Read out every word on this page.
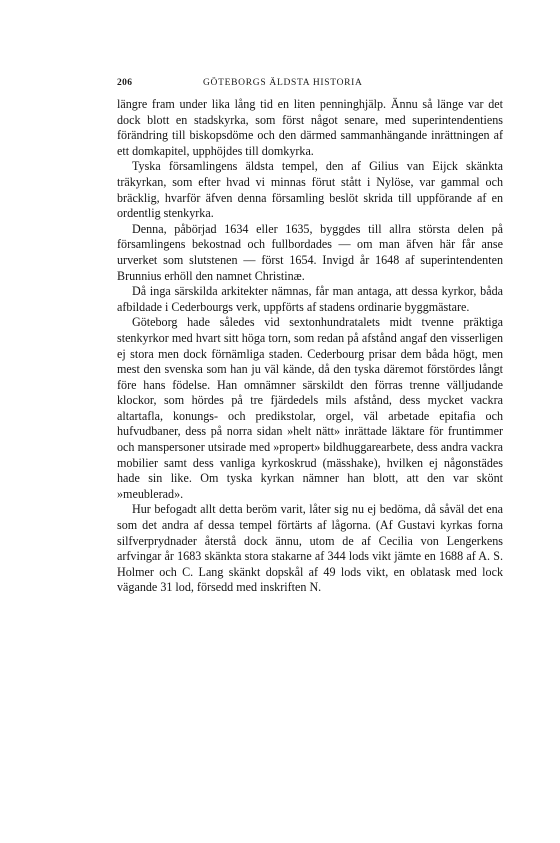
206	GÖTEBORGS ÄLDSTA HISTORIA

längre fram under lika lång tid en liten penninghjälp. Ännu så länge var det dock blott en stadskyrka, som först något senare, med superintendentiens förändring till biskopsdöme och den därmed sammanhängande inrättningen af ett domkapitel, upphöjdes till domkyrka.

Tyska församlingens äldsta tempel, den af Gilius van Eijck skänkta träkyrkan, som efter hvad vi minnas förut stått i Nylöse, var gammal och bräcklig, hvarför äfven denna församling beslöt skrida till uppförande af en ordentlig stenkyrka.

Denna, påbörjad 1634 eller 1635, byggdes till allra största delen på församlingens bekostnad och fullbordades — om man äfven här får anse urverket som slutstenen — först 1654. Invigd år 1648 af superintendenten Brunnius erhöll den namnet Christinæ.

Då inga särskilda arkitekter nämnas, får man antaga, att dessa kyrkor, båda afbildade i Cederbourgs verk, uppförts af stadens ordinarie byggmästare.

Göteborg hade således vid sextonhundratalets midt tvenne präktiga stenkyrkor med hvart sitt höga torn, som redan på afstånd angaf den visserligen ej stora men dock förnämliga staden. Cederbourg prisar dem båda högt, men mest den svenska som han ju väl kände, då den tyska däremot förstördes långt före hans födelse. Han omnämner särskildt den förras trenne välljudande klockor, som hördes på tre fjärdedels mils afstånd, dess mycket vackra altartafla, konungs- och predikstolar, orgel, väl arbetade epitafia och hufvudbaner, dess på norra sidan »helt nätt» inrättade läktare för fruntimmer och manspersoner utsirade med »propert» bildhuggarearbete, dess andra vackra mobilier samt dess vanliga kyrkoskrud (mässhake), hvilken ej någonstädes hade sin like. Om tyska kyrkan nämner han blott, att den var skönt »meublerad».

Hur befogadt allt detta beröm varit, låter sig nu ej bedöma, då såväl det ena som det andra af dessa tempel förtärts af lågorna. (Af Gustavi kyrkas forna silfverprydnader återstå dock ännu, utom de af Cecilia von Lengerkens arfvingar år 1683 skänkta stora stakarne af 344 lods vikt jämte en 1688 af A. S. Holmer och C. Lang skänkt dopskål af 49 lods vikt, en oblatask med lock vägande 31 lod, försedd med inskriften N.
